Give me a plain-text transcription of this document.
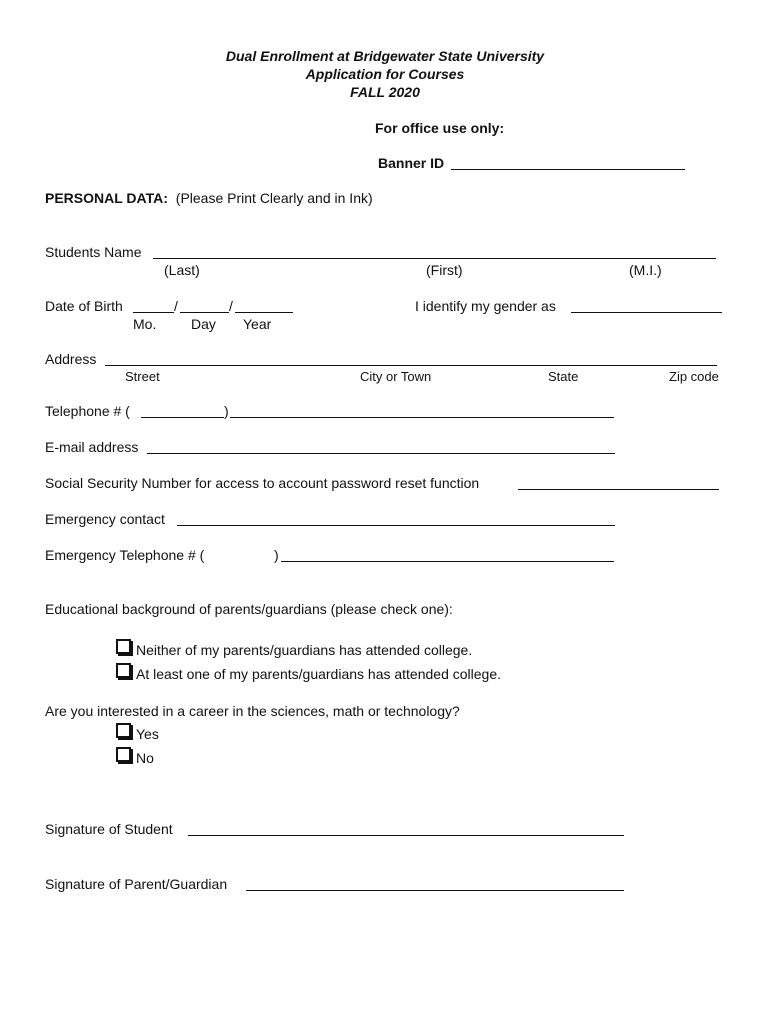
Dual Enrollment at Bridgewater State University
Application for Courses
FALL 2020
For office use only:
Banner ID
PERSONAL DATA: (Please Print Clearly and in Ink)
Students Name
(Last)	(First)	(M.I.)
Date of Birth	/	/
Mo. Day Year
I identify my gender as
Address
Street	City or Town	State	Zip code
Telephone # (	)
E-mail address
Social Security Number for access to account password reset function
Emergency contact
Emergency Telephone # (	)
Educational background of parents/guardians (please check one):
Neither of my parents/guardians has attended college.
At least one of my parents/guardians has attended college.
Are you interested in a career in the sciences, math or technology?
Yes
No
Signature of Student
Signature of Parent/Guardian
